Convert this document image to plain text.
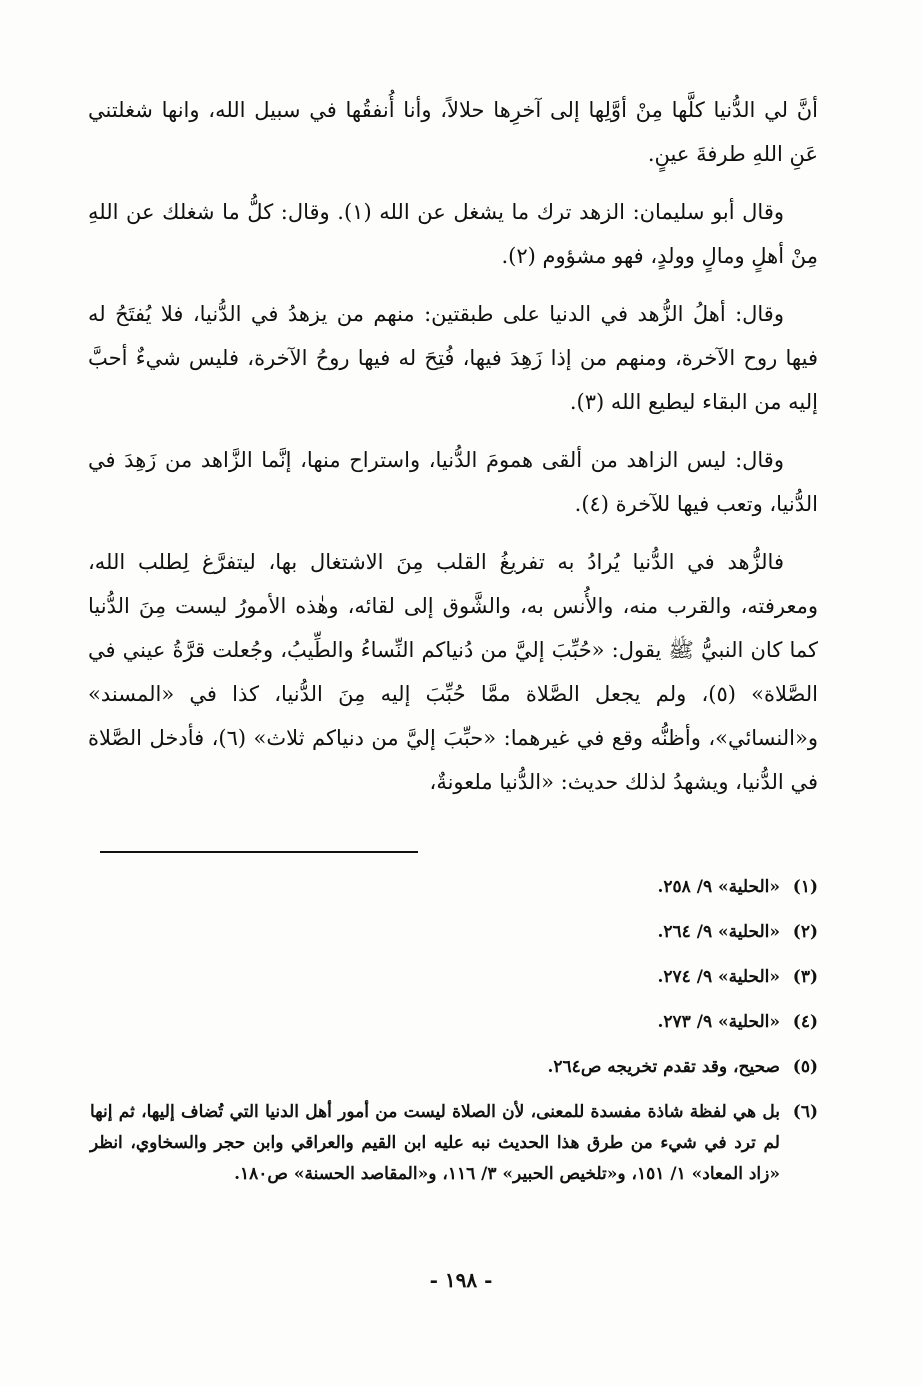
أنَّ لي الدُّنيا كلَّها مِنْ أوَّلِها إلى آخرِها حلالاً، وأنا أُنفقُها في سبيل الله، وانها شغلتني عَنِ اللهِ طرفةَ عينٍ.

وقال أبو سليمان: الزهد ترك ما يشغل عن الله (١). وقال: كلُّ ما شغلك عن اللهِ مِنْ أهلٍ ومالٍ وولدٍ، فهو مشؤوم (٢).

وقال: أهلُ الزُّهد في الدنيا على طبقتين: منهم من يزهدُ في الدُّنيا، فلا يُفتَحُ له فيها روح الآخرة، ومنهم من إذا زَهِدَ فيها، فُتِحَ له فيها روحُ الآخرة، فليس شيءٌ أحبَّ إليه من البقاء ليطيع الله (٣).

وقال: ليس الزاهد من ألقى همومَ الدُّنيا، واستراح منها، إنَّما الزَّاهد من زَهِدَ في الدُّنيا، وتعب فيها للآخرة (٤).

فالزُّهد في الدُّنيا يُرادُ به تفريغُ القلب مِنَ الاشتغال بها، ليتفرَّغ لِطلب الله، ومعرفته، والقرب منه، والأُنس به، والشَّوق إلى لقائه، وهٰذه الأمورُ ليست مِنَ الدُّنيا كما كان النبيُّ ﷺ يقول: «حُبِّبَ إليَّ من دُنياكم النِّساءُ والطِّيبُ، وجُعلت قرَّةُ عيني في الصَّلاة» (٥)، ولم يجعل الصَّلاة ممَّا حُبِّبَ إليه مِنَ الدُّنيا، كذا في «المسند» و«النسائي»، وأظنُّه وقع في غيرهما: «حبِّبَ إليَّ من دنياكم ثلاث» (٦)، فأدخل الصَّلاة في الدُّنيا، ويشهدُ لذلك حديث: «الدُّنيا ملعونةٌ،

(١)
«الحلية» ٩/ ٢٥٨.
(٢)
«الحلية» ٩/ ٢٦٤.
(٣)
«الحلية» ٩/ ٢٧٤.
(٤)
«الحلية» ٩/ ٢٧٣.
(٥)
صحيح، وقد تقدم تخريجه ص٢٦٤.
(٦)
بل هي لفظة شاذة مفسدة للمعنى، لأن الصلاة ليست من أمور أهل الدنيا التي تُضاف إليها، ثم إنها لم ترد في شيء من طرق هذا الحديث نبه عليه ابن القيم والعراقي وابن حجر والسخاوي، انظر «زاد المعاد» ١/ ١٥١، و«تلخيص الحبير» ٣/ ١١٦، و«المقاصد الحسنة» ص١٨٠.
- ١٩٨ -
